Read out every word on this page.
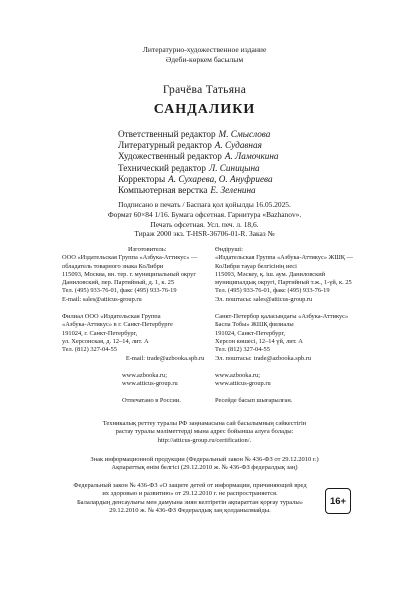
Литературно-художественное издание
Әдеби-көркем басылым
Грачёва Татьяна
САНДАЛИКИ
Ответственный редактор М. Смыслова
Литературный редактор А. Судавная
Художественный редактор А. Ламочкина
Технический редактор Л. Синицына
Корректоры А. Сухарева, О. Ануфриева
Компьютерная верстка Е. Зеленина
Подписано в печать / Баспаға қол қойылды 16.05.2025.
Формат 60×84 1/16. Бумага офсетная. Гарнитура «Bazhanov».
Печать офсетная. Усл. печ. л. 18,6.
Тираж 2000 экз. T-HSR-36706-01-R. Заказ №
Изготовитель:
ООО «Издательская Группа «Азбука-Аттикус» —
обладатель товарного знака КоЛибри
115093, Москва, вн. тер. г. муниципальный округ
Даниловский, пер. Партийный, д. 1, к. 25
Тел. (495) 933-76-01, факс (495) 933-76-19
E-mail: sales@atticus-group.ru
Филиал ООО «Издательская Группа
«Азбука-Аттикус» в г. Санкт-Петербурге
191024, г. Санкт-Петербург,
ул. Херсонская, д. 12–14, лит. А
Тел. (812) 327-04-55
E-mail: trade@azbooka.spb.ru
www.azbooka.ru;
www.atticus-group.ru
Отпечатано в России.
Өндіруші:
«Издательская Группа «Азбука-Аттикус» ЖШҚ —
КоЛибри тауар белгісінің иесі
115093, Мәскеу, қ. іш. аум. Даниловский
муниципалдық округі, Партийный т.ж., 1-үй, к. 25
Тел. (495) 933-76-01, факс (495) 933-76-19
Эл. поштасы: sales@atticus-group.ru
Санкт-Петербор қаласындағы «Азбука-Аттикус»
Баспа Тобы» ЖШҚ филиалы
191024, Санкт-Петербург,
Херсон көшесі, 12–14 үй, лит. А
Тел. (812) 327-04-55
Эл. поштасы: trade@azbooka.spb.ru
www.azbooka.ru;
www.atticus-group.ru
Ресейде басып шығарылған.
Техникалық реттеу туралы РФ заңнамасына сай басылымның сәйкестігін
растау туралы мәліметтерді мына адрес бойынша алуға болады:
http://atticus-group.ru/certification/.
Знак информационной продукции (Федеральный закон № 436-ФЗ от 29.12.2010 г.)
Ақпараттық өнім белгісі (29.12.2010 ж. № 436-ФЗ федералдық заң)
Федеральный закон № 436-ФЗ «О защите детей от информации, причиняющей вред
их здоровью и развитию» от 29.12.2010 г. не распространяется.
Балалардың денсаулығы мен дамуына зиян келтіретін ақпараттан қорғау туралы»
29.12.2010 ж. № 436-ФЗ Федералдық заң қолданылмайды.
16+
